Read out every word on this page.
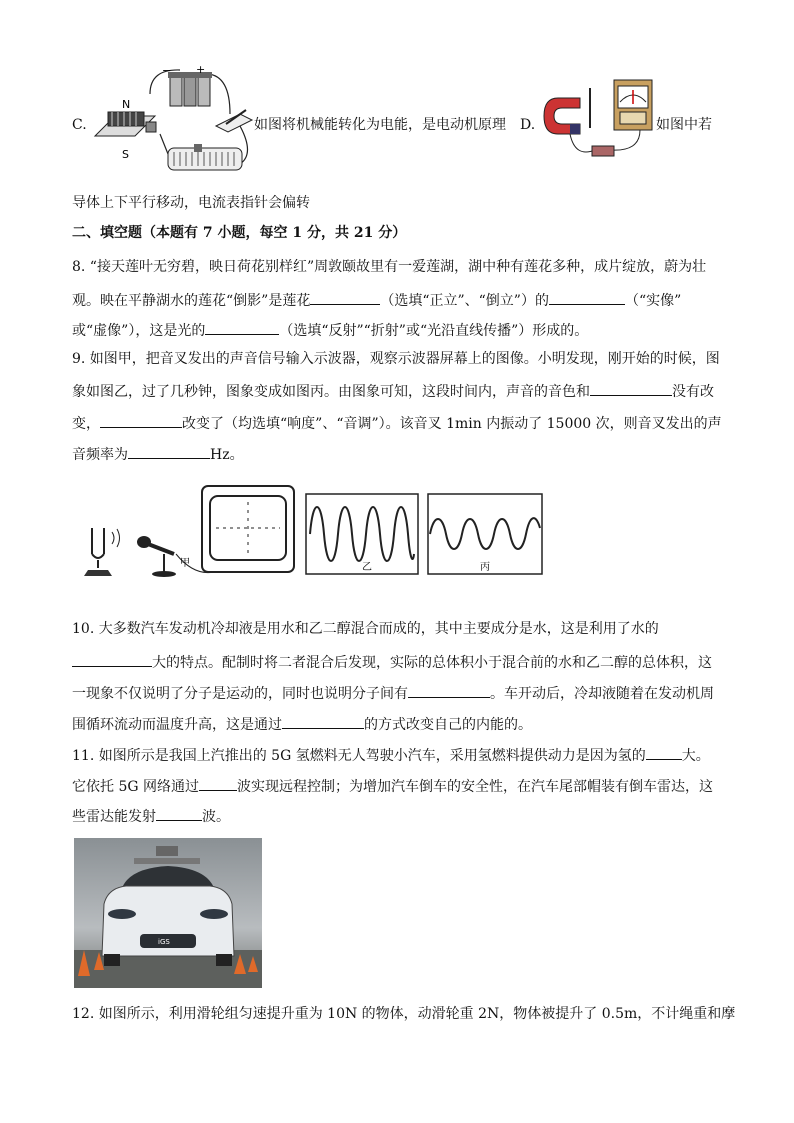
− +
N
S
C.	如图将机械能转化为电能，是电动机原理 D.	如图中若
导体上下平行移动，电流表指针会偏转
二、填空题（本题有 7 小题，每空 1 分，共 21 分）
8. “接天莲叶无穷碧，映日荷花别样红”周敦颐故里有一爱莲湖，湖中种有莲花多种，成片绽放，蔚为壮
观。映在平静湖水的莲花“倒影”是莲花	（选填“正立”、“倒立”）的	（“实像”
或“虚像”），这是光的	（选填“反射”“折射”或“光沿直线传播”）形成的。
9. 如图甲，把音叉发出的声音信号输入示波器，观察示波器屏幕上的图像。小明发现，刚开始的时候，图
象如图乙，过了几秒钟，图象变成如图丙。由图象可知，这段时间内，声音的音色和	没有改
变，	改变了（均选填“响度”、“音调”）。该音叉 1min 内振动了 15000 次，则音叉发出的声
音频率为	Hz。
甲	乙	丙
10. 大多数汽车发动机冷却液是用水和乙二醇混合而成的，其中主要成分是水，这是利用了水的
大的特点。配制时将二者混合后发现，实际的总体积小于混合前的水和乙二醇的总体积，这
一现象不仅说明了分子是运动的，同时也说明分子间有	。车开动后，冷却液随着在发动机周
围循环流动而温度升高，这是通过	的方式改变自己的内能的。
11. 如图所示是我国上汽推出的 5G 氢燃料无人驾驶小汽车，采用氢燃料提供动力是因为氢的	大。
它依托 5G 网络通过	波实现远程控制；为增加汽车倒车的安全性，在汽车尾部帽装有倒车雷达，这
些雷达能发射	波。
iGS
12. 如图所示，利用滑轮组匀速提升重为 10N 的物体，动滑轮重 2N，物体被提升了 0.5m，不计绳重和摩
